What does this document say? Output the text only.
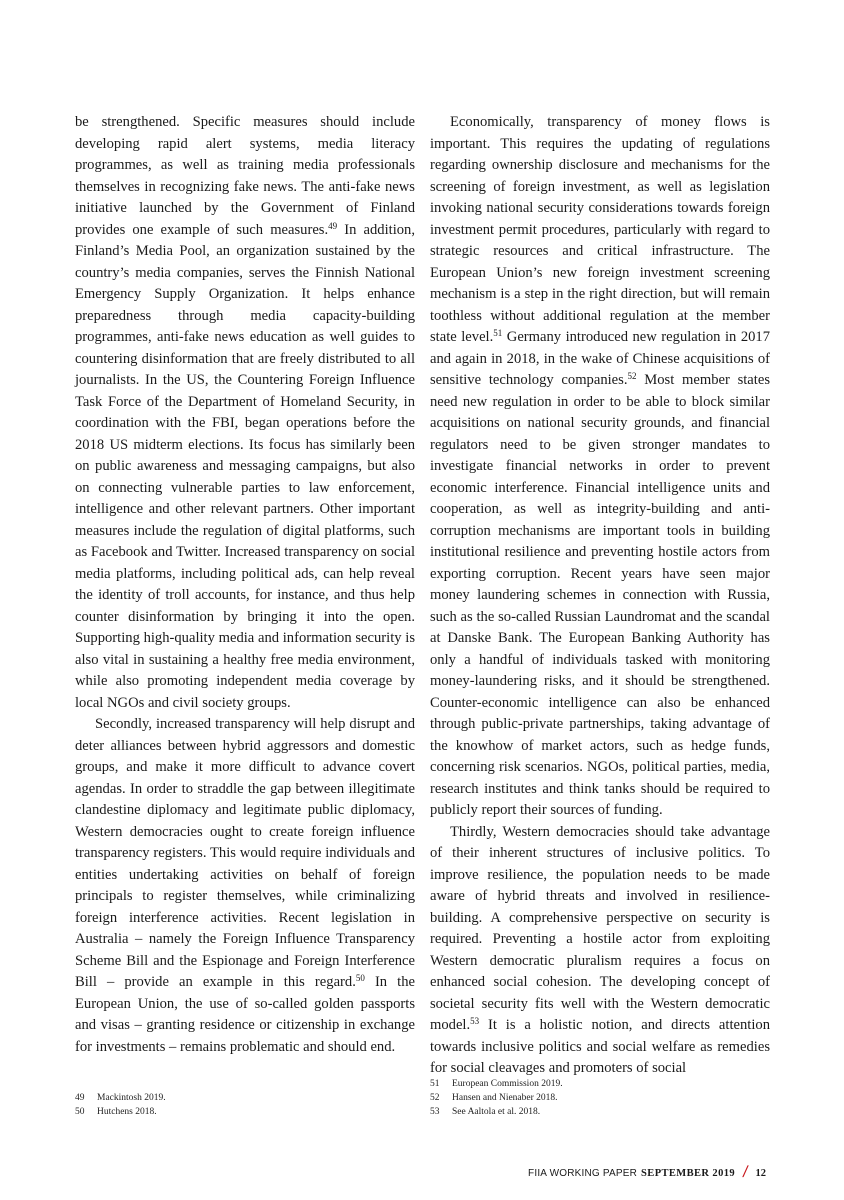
be strengthened. Specific measures should include developing rapid alert systems, media literacy programmes, as well as training media professionals themselves in recognizing fake news. The anti-fake news initiative launched by the Government of Finland provides one example of such measures.$^{49}$ In addition, Finland’s Media Pool, an organization sustained by the country’s media companies, serves the Finnish National Emergency Supply Organization. It helps enhance preparedness through media capacity-building programmes, anti-fake news education as well guides to countering disinformation that are freely distributed to all journalists. In the US, the Countering Foreign Influence Task Force of the Department of Homeland Security, in coordination with the FBI, began operations before the 2018 US midterm elections. Its focus has similarly been on public awareness and messaging campaigns, but also on connecting vulnerable parties to law enforcement, intelligence and other relevant partners. Other important measures include the regulation of digital platforms, such as Facebook and Twitter. Increased transparency on social media platforms, including political ads, can help reveal the identity of troll accounts, for instance, and thus help counter disinformation by bringing it into the open. Supporting high-quality media and information security is also vital in sustaining a healthy free media environment, while also promoting independent media coverage by local NGOs and civil society groups.

Secondly, increased transparency will help disrupt and deter alliances between hybrid aggressors and domestic groups, and make it more difficult to advance covert agendas. In order to straddle the gap between illegitimate clandestine diplomacy and legitimate public diplomacy, Western democracies ought to create foreign influence transparency registers. This would require individuals and entities undertaking activities on behalf of foreign principals to register themselves, while criminalizing foreign interference activities. Recent legislation in Australia – namely the Foreign Influence Transparency Scheme Bill and the Espionage and Foreign Interference Bill – provide an example in this regard.$^{50}$ In the European Union, the use of so-called golden passports and visas – granting residence or citizenship in exchange for investments – remains problematic and should end.

Economically, transparency of money flows is important. This requires the updating of regulations regarding ownership disclosure and mechanisms for the screening of foreign investment, as well as legislation invoking national security considerations towards foreign investment permit procedures, particularly with regard to strategic resources and critical infrastructure. The European Union’s new foreign investment screening mechanism is a step in the right direction, but will remain toothless without additional regulation at the member state level.$^{51}$ Germany introduced new regulation in 2017 and again in 2018, in the wake of Chinese acquisitions of sensitive technology companies.$^{52}$ Most member states need new regulation in order to be able to block similar acquisitions on national security grounds, and financial regulators need to be given stronger mandates to investigate financial networks in order to prevent economic interference. Financial intelligence units and cooperation, as well as integrity-building and anti-corruption mechanisms are important tools in building institutional resilience and preventing hostile actors from exporting corruption. Recent years have seen major money laundering schemes in connection with Russia, such as the so-called Russian Laundromat and the scandal at Danske Bank. The European Banking Authority has only a handful of individuals tasked with monitoring money-laundering risks, and it should be strengthened. Counter-economic intelligence can also be enhanced through public-private partnerships, taking advantage of the knowhow of market actors, such as hedge funds, concerning risk scenarios. NGOs, political parties, media, research institutes and think tanks should be required to publicly report their sources of funding.

Thirdly, Western democracies should take advantage of their inherent structures of inclusive politics. To improve resilience, the population needs to be made aware of hybrid threats and involved in resilience-building. A comprehensive perspective on security is required. Preventing a hostile actor from exploiting Western democratic pluralism requires a focus on enhanced social cohesion. The developing concept of societal security fits well with the Western democratic model.$^{53}$ It is a holistic notion, and directs attention towards inclusive politics and social welfare as remedies for social cleavages and promoters of social

49	Mackintosh 2019.
50	Hutchens 2018.
51	European Commission 2019.
52	Hansen and Nienaber 2018.
53	See Aaltola et al. 2018.
FIIA WORKING PAPER SEPTEMBER 2019 / 12
